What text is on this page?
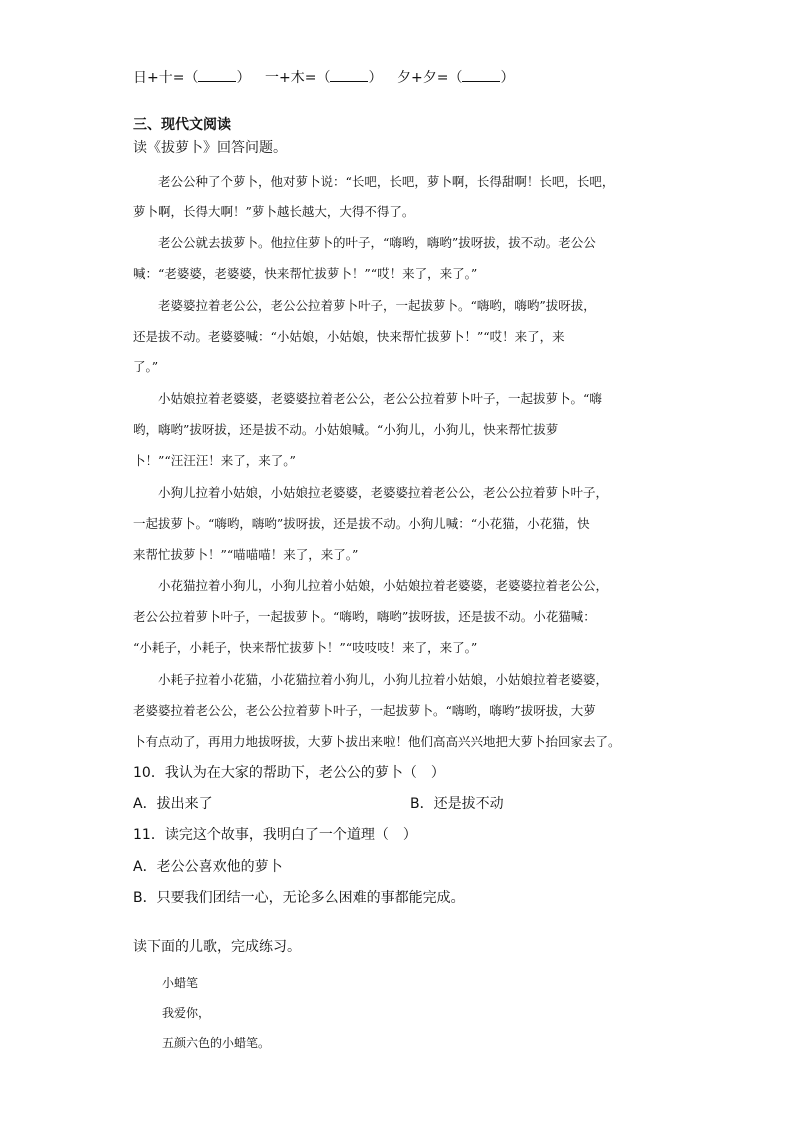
日+十=（	） 一+木=（	） 夕+夕=（	）
三、现代文阅读
读《拔萝卜》回答问题。
　　老公公种了个萝卜，他对萝卜说：“长吧，长吧，萝卜啊，长得甜啊！长吧，长吧，
萝卜啊，长得大啊！”萝卜越长越大，大得不得了。
　　老公公就去拔萝卜。他拉住萝卜的叶子，“嗨哟，嗨哟”拔呀拔，拔不动。老公公
喊：“老婆婆，老婆婆，快来帮忙拔萝卜！”“哎！来了，来了。”
　　老婆婆拉着老公公，老公公拉着萝卜叶子，一起拔萝卜。“嗨哟，嗨哟”拔呀拔，
还是拔不动。老婆婆喊：“小姑娘，小姑娘，快来帮忙拔萝卜！”“哎！来了，来
了。”
　　小姑娘拉着老婆婆，老婆婆拉着老公公，老公公拉着萝卜叶子，一起拔萝卜。“嗨
哟，嗨哟”拔呀拔，还是拔不动。小姑娘喊。“小狗儿，小狗儿，快来帮忙拔萝
卜！”“汪汪汪！来了，来了。”
　　小狗儿拉着小姑娘，小姑娘拉老婆婆，老婆婆拉着老公公，老公公拉着萝卜叶子，
一起拔萝卜。“嗨哟，嗨哟”拔呀拔，还是拔不动。小狗儿喊：“小花猫，小花猫，快
来帮忙拔萝卜！”“喵喵喵！来了，来了。”
　　小花猫拉着小狗儿，小狗儿拉着小姑娘，小姑娘拉着老婆婆，老婆婆拉着老公公，
老公公拉着萝卜叶子，一起拔萝卜。“嗨哟，嗨哟”拔呀拔，还是拔不动。小花猫喊：
“小耗子，小耗子，快来帮忙拔萝卜！”“吱吱吱！来了，来了。”
　　小耗子拉着小花猫，小花猫拉着小狗儿，小狗儿拉着小姑娘，小姑娘拉着老婆婆，
老婆婆拉着老公公，老公公拉着萝卜叶子，一起拔萝卜。“嗨哟，嗨哟”拔呀拔，大萝
卜有点动了，再用力地拔呀拔，大萝卜拔出来啦！他们高高兴兴地把大萝卜抬回家去了。
10．我认为在大家的帮助下，老公公的萝卜（　）
A．拔出来了	B．还是拔不动
11．读完这个故事，我明白了一个道理（　）
A．老公公喜欢他的萝卜
B．只要我们团结一心，无论多么困难的事都能完成。
读下面的儿歌，完成练习。
小蜡笔
我爱你，
五颜六色的小蜡笔。
